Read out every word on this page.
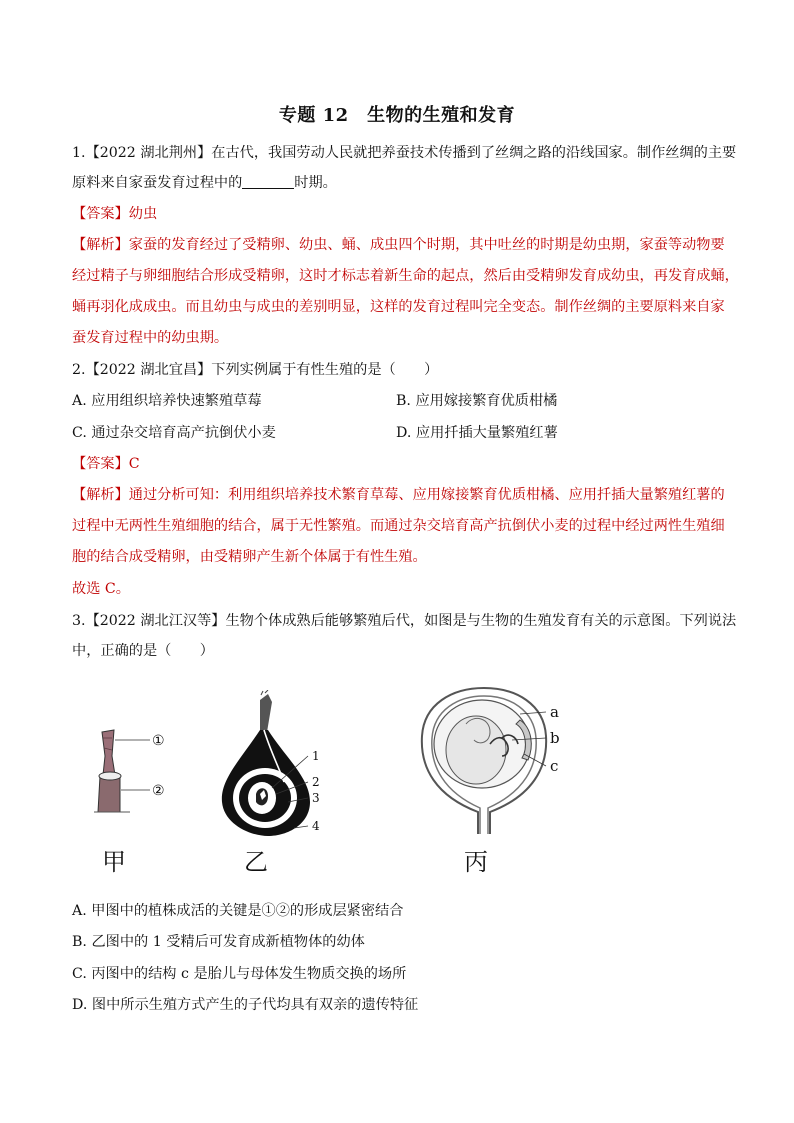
专题 12　生物的生殖和发育
1.【2022 湖北荆州】在古代，我国劳动人民就把养蚕技术传播到了丝绸之路的沿线国家。制作丝绸的主要
原料来自家蚕发育过程中的	时期。
【答案】幼虫
【解析】家蚕的发育经过了受精卵、幼虫、蛹、成虫四个时期，其中吐丝的时期是幼虫期，家蚕等动物要
经过精子与卵细胞结合形成受精卵，这时才标志着新生命的起点，然后由受精卵发育成幼虫，再发育成蛹，
蛹再羽化成成虫。而且幼虫与成虫的差别明显，这样的发育过程叫完全变态。制作丝绸的主要原料来自家
蚕发育过程中的幼虫期。
2.【2022 湖北宜昌】下列实例属于有性生殖的是（　　）
A. 应用组织培养快速繁殖草莓	B. 应用嫁接繁育优质柑橘
C. 通过杂交培育高产抗倒伏小麦	D. 应用扦插大量繁殖红薯
【答案】C
【解析】通过分析可知：利用组织培养技术繁育草莓、应用嫁接繁育优质柑橘、应用扦插大量繁殖红薯的
过程中无两性生殖细胞的结合，属于无性繁殖。而通过杂交培育高产抗倒伏小麦的过程中经过两性生殖细
胞的结合成受精卵，由受精卵产生新个体属于有性生殖。
故选 C。
3.【2022 湖北江汉等】生物个体成熟后能够繁殖后代，如图是与生物的生殖发育有关的示意图。下列说法
中，正确的是（　　）
①
②
甲
1
2
3
4
乙
a
b
c
丙
A. 甲图中的植株成活的关键是①②的形成层紧密结合
B. 乙图中的 1 受精后可发育成新植物体的幼体
C. 丙图中的结构 c 是胎儿与母体发生物质交换的场所
D. 图中所示生殖方式产生的子代均具有双亲的遗传特征
